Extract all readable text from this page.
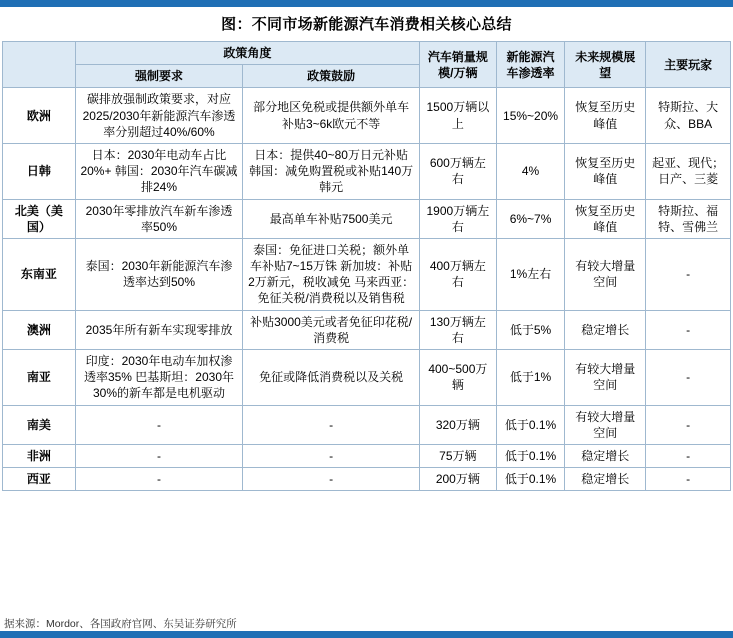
图：不同市场新能源汽车消费相关核心总结
	政策角度		汽车销量规模/万辆	新能源汽车渗透率	未来规模展望	主要玩家
	强制要求	政策鼓励				
欧洲	碳排放强制政策要求，对应2025/2030年新能源汽车渗透率分别超过40%/60%	部分地区免税或提供额外单车补贴3~6k欧元不等	1500万辆以上	15%~20%	恢复至历史峰值	特斯拉、大众、BBA
日韩	日本：2030年电动车占比20%+ 韩国：2030年汽车碳减排24%	日本：提供40~80万日元补贴 韩国：减免购置税或补贴140万韩元	600万辆左右	4%	恢复至历史峰值	起亚、现代；日产、三菱
北美（美国）	2030年零排放汽车新车渗透率50%	最高单车补贴7500美元	1900万辆左右	6%~7%	恢复至历史峰值	特斯拉、福特、雪佛兰
东南亚	泰国：2030年新能源汽车渗透率达到50%	泰国：免征进口关税；额外单车补贴7~15万铢 新加坡：补贴2万新元，税收减免 马来西亚：免征关税/消费税以及销售税	400万辆左右	1%左右	有较大增量空间	-
澳洲	2035年所有新车实现零排放	补贴3000美元或者免征印花税/消费税	130万辆左右	低于5%	稳定增长	-
南亚	印度：2030年电动车加权渗透率35% 巴基斯坦：2030年30%的新车都是电机驱动	免征或降低消费税以及关税	400~500万辆	低于1%	有较大增量空间	-
南美	-	-	320万辆	低于0.1%	有较大增量空间	-
非洲	-	-	75万辆	低于0.1%	稳定增长	-
西亚	-	-	200万辆	低于0.1%	稳定增长	-
据来源：Mordor、各国政府官网、东吴证券研究所
